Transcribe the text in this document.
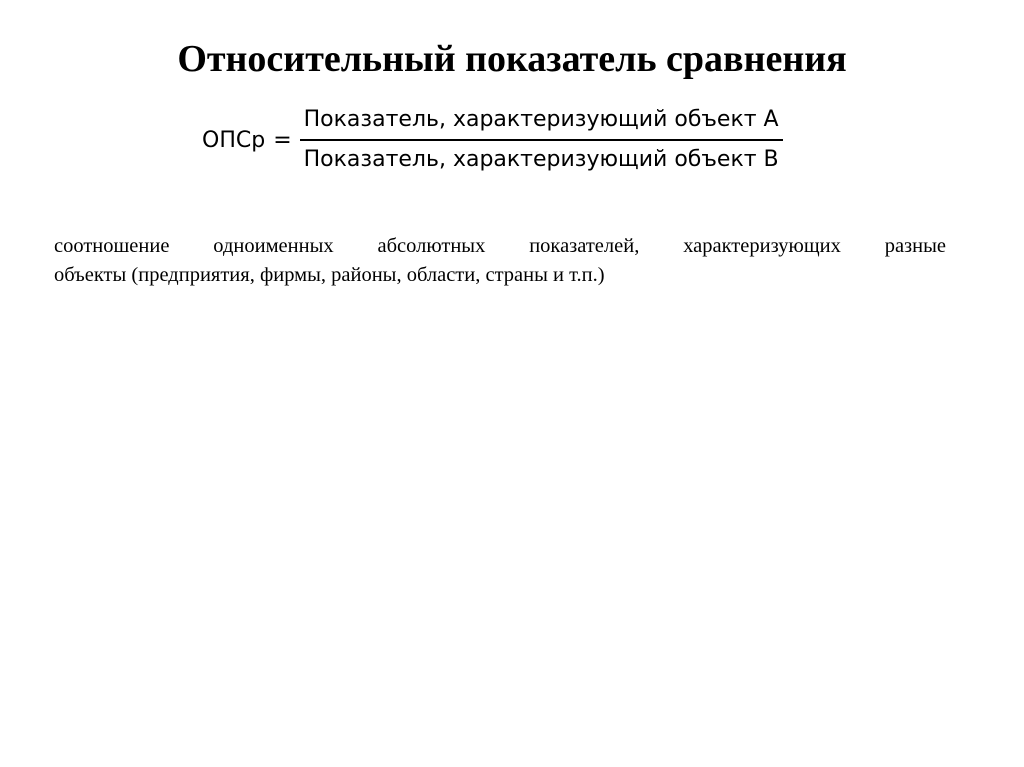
Относительный показатель сравнения
ОПСр = $\frac{\text{Показатель, характеризующий объект А}}{\text{Показатель, характеризующий объект В}}$

соотношение одноименных абсолютных показателей, характеризующих разные
объекты (предприятия, фирмы, районы, области, страны и т.п.)
